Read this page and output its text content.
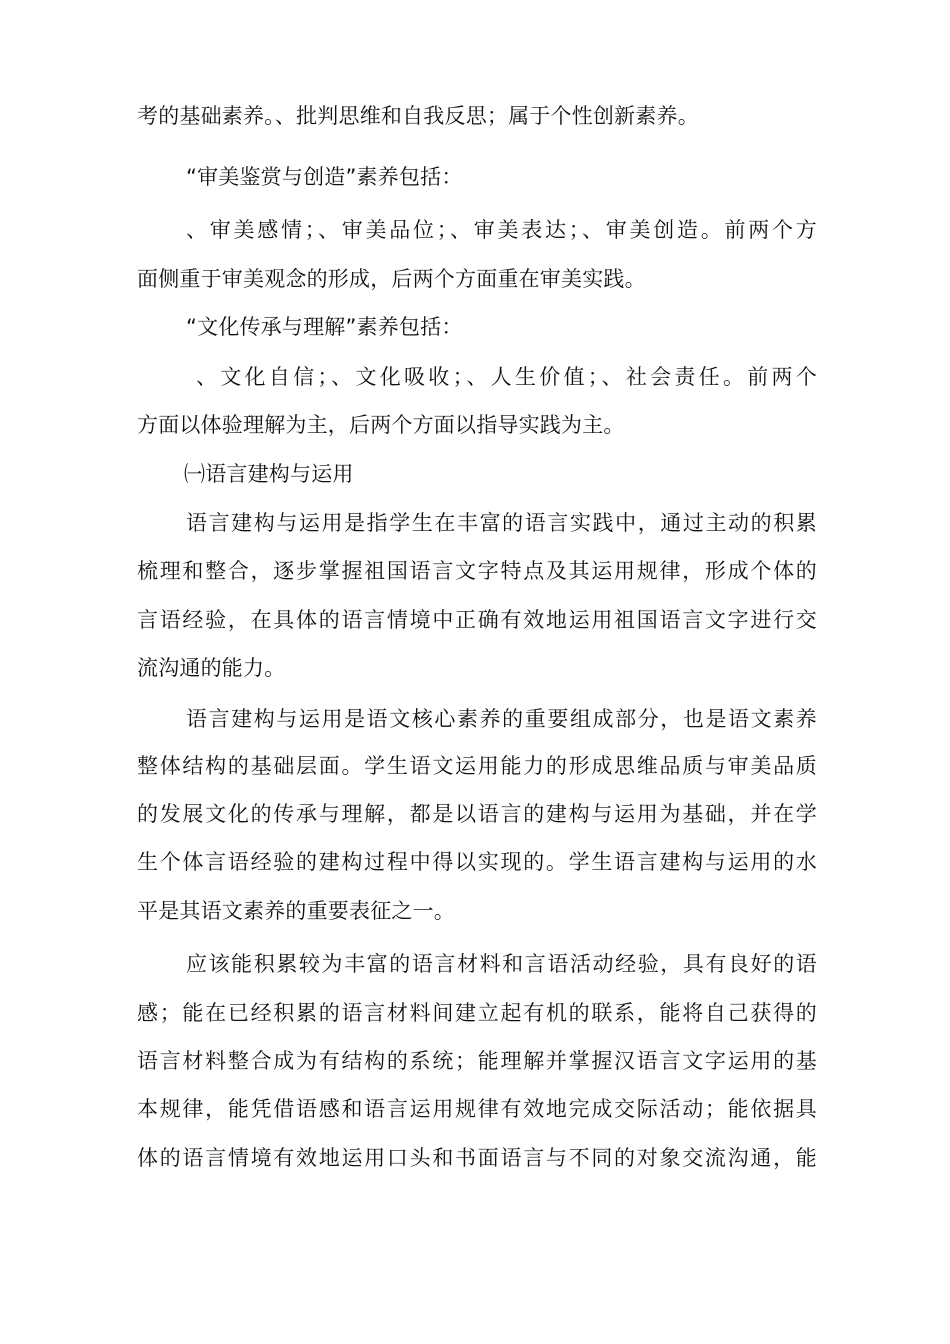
考的基础素养。、批判思维和自我反思；属于个性创新素养。
“审美鉴赏与创造”素养包括：
、审美感情；、审美品位；、审美表达；、审美创造。前两个方
面侧重于审美观念的形成，后两个方面重在审美实践。
“文化传承与理解”素养包括：
、文化自信；、文化吸收；、人生价值；、社会责任。前两个
方面以体验理解为主，后两个方面以指导实践为主。
㈠语言建构与运用
语言建构与运用是指学生在丰富的语言实践中，通过主动的积累
梳理和整合，逐步掌握祖国语言文字特点及其运用规律，形成个体的
言语经验，在具体的语言情境中正确有效地运用祖国语言文字进行交
流沟通的能力。
语言建构与运用是语文核心素养的重要组成部分，也是语文素养
整体结构的基础层面。学生语文运用能力的形成思维品质与审美品质
的发展文化的传承与理解，都是以语言的建构与运用为基础，并在学
生个体言语经验的建构过程中得以实现的。学生语言建构与运用的水
平是其语文素养的重要表征之一。
应该能积累较为丰富的语言材料和言语活动经验，具有良好的语
感；能在已经积累的语言材料间建立起有机的联系，能将自己获得的
语言材料整合成为有结构的系统；能理解并掌握汉语言文字运用的基
本规律，能凭借语感和语言运用规律有效地完成交际活动；能依据具
体的语言情境有效地运用口头和书面语言与不同的对象交流沟通，能
